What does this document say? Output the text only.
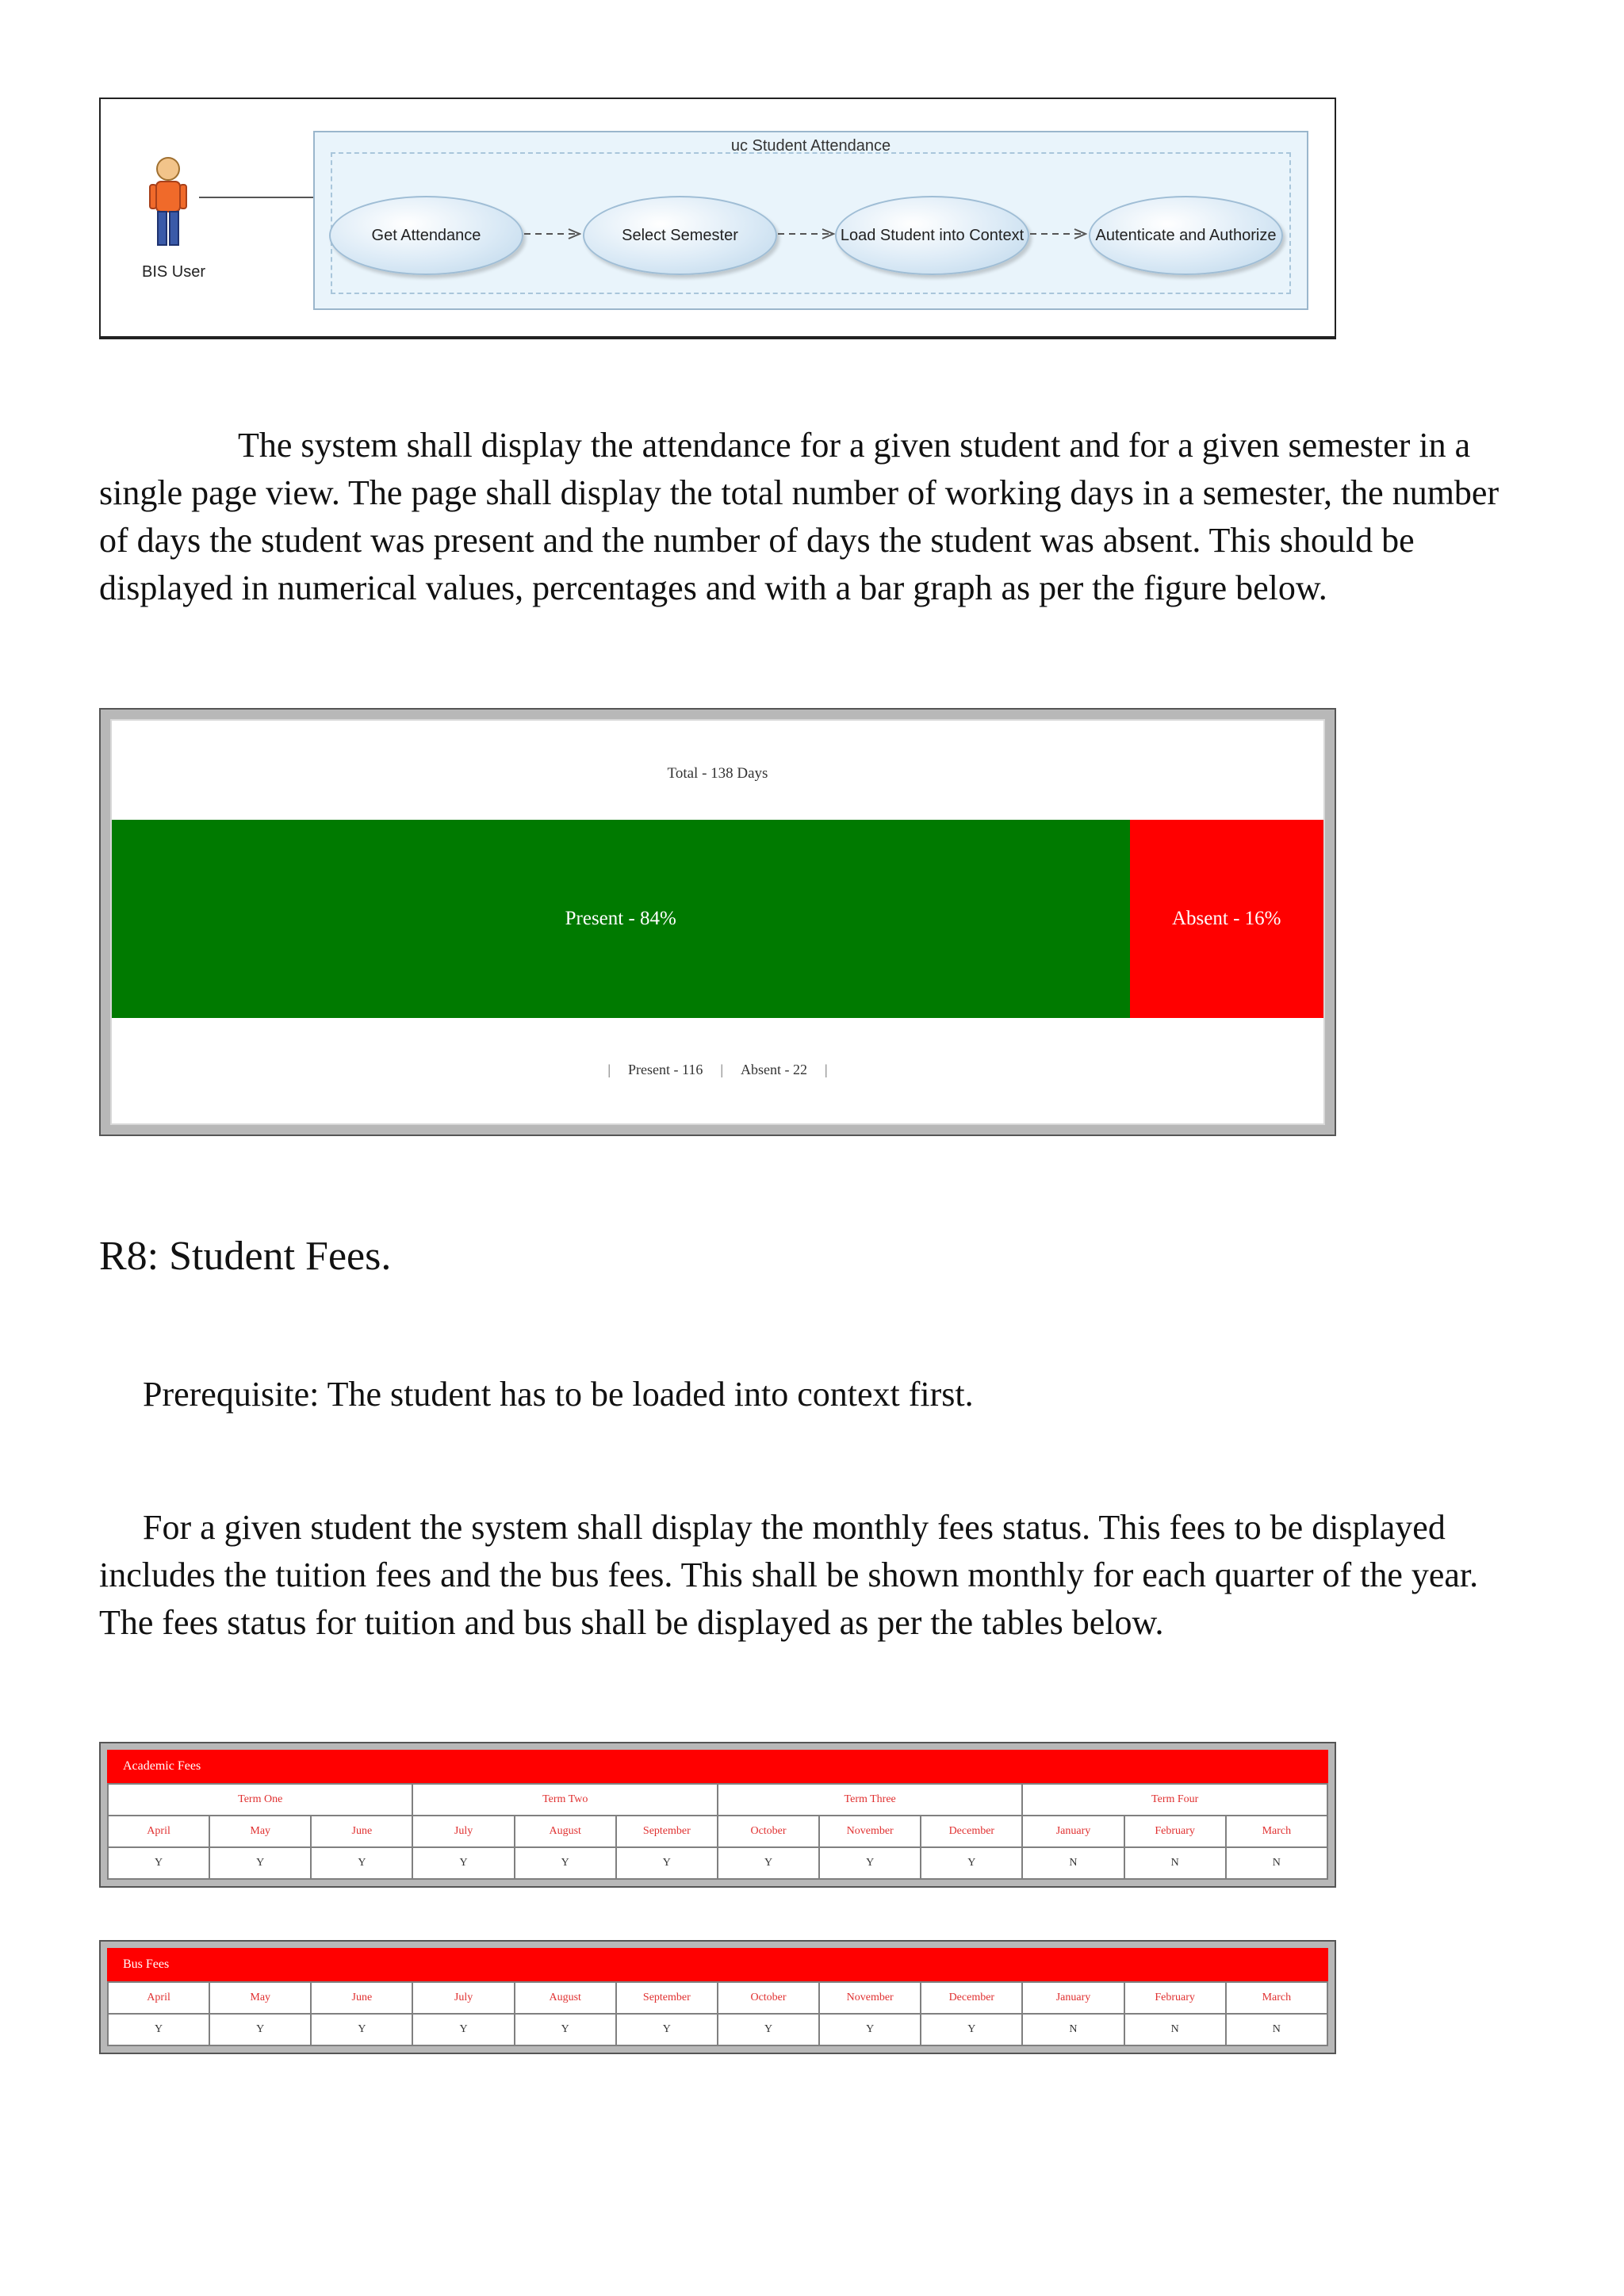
BIS User
uc Student Attendance
Get Attendance	Select Semester	Load Student into Context	Autenticate and Authorize

The system shall display the attendance for a given student and for a given semester in a single page view. The page shall display the total number of working days in a semester, the number of days the student was present and the number of days the student was absent. This should be displayed in numerical values, percentages and with a bar graph as per the figure below.

Total - 138 Days
Present - 84%	Absent - 16%
| Present - 116 | Absent - 22 |
R8: Student Fees.

Prerequisite: The student has to be loaded into context first.

For a given student the system shall display the monthly fees status. This fees to be displayed includes the tuition fees and the bus fees. This shall be shown monthly for each quarter of the year. The fees status for tuition and bus shall be displayed as per the tables below.

Academic Fees
Term One			Term Two			Term Three			Term Four		
April	May	June	July	August	September	October	November	December	January	February	March
Y	Y	Y	Y	Y	Y	Y	Y	Y	N	N	N
Bus Fees
April	May	June	July	August	September	October	November	December	January	February	March
Y	Y	Y	Y	Y	Y	Y	Y	Y	N	N	N
